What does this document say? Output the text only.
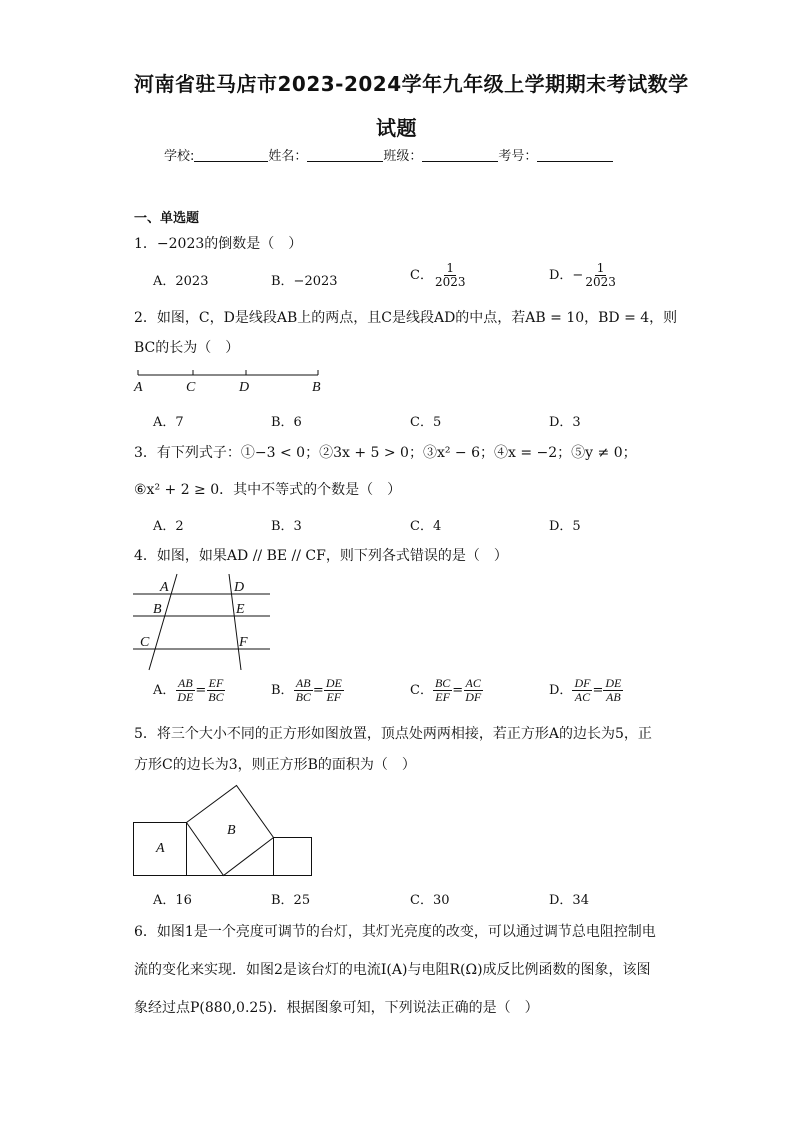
河南省驻马店市2023-2024学年九年级上学期期末考试数学
试题
学校:	姓名：	班级：	考号：
一、单选题
1．−2023的倒数是（　）
A．2023	B．−2023	C． $\frac{1}{2023}$	D．− $\frac{1}{2023}$
2．如图，C，D是线段AB上的两点，且C是线段AD的中点，若AB = 10，BD = 4，则
BC的长为（　）
A	C	D	B
A．7	B．6	C．5	D．3
3．有下列式子：①−3 < 0；②3x + 5 > 0；③x² − 6；④x = −2；⑤y ≠ 0；
⑥x² + 2 ≥ 0．其中不等式的个数是（　）
A．2	B．3	C．4	D．5
4．如图，如果AD // BE // CF，则下列各式错误的是（　）
A
B
C
D
E
F
A． $\frac{AB}{DE} = \frac{EF}{BC}$	B． $\frac{AB}{BC} = \frac{DE}{EF}$	C． $\frac{BC}{EF} = \frac{AC}{DF}$	D． $\frac{DF}{AC} = \frac{DE}{AB}$
5．将三个大小不同的正方形如图放置，顶点处两两相接，若正方形A的边长为5，正
方形C的边长为3，则正方形B的面积为（　）
A
B
A．16	B．25	C．30	D．34
6．如图1是一个亮度可调节的台灯，其灯光亮度的改变，可以通过调节总电阻控制电
流的变化来实现．如图2是该台灯的电流I(A)与电阻R(Ω)成反比例函数的图象，该图
象经过点P(880,0.25)．根据图象可知，下列说法正确的是（　）
